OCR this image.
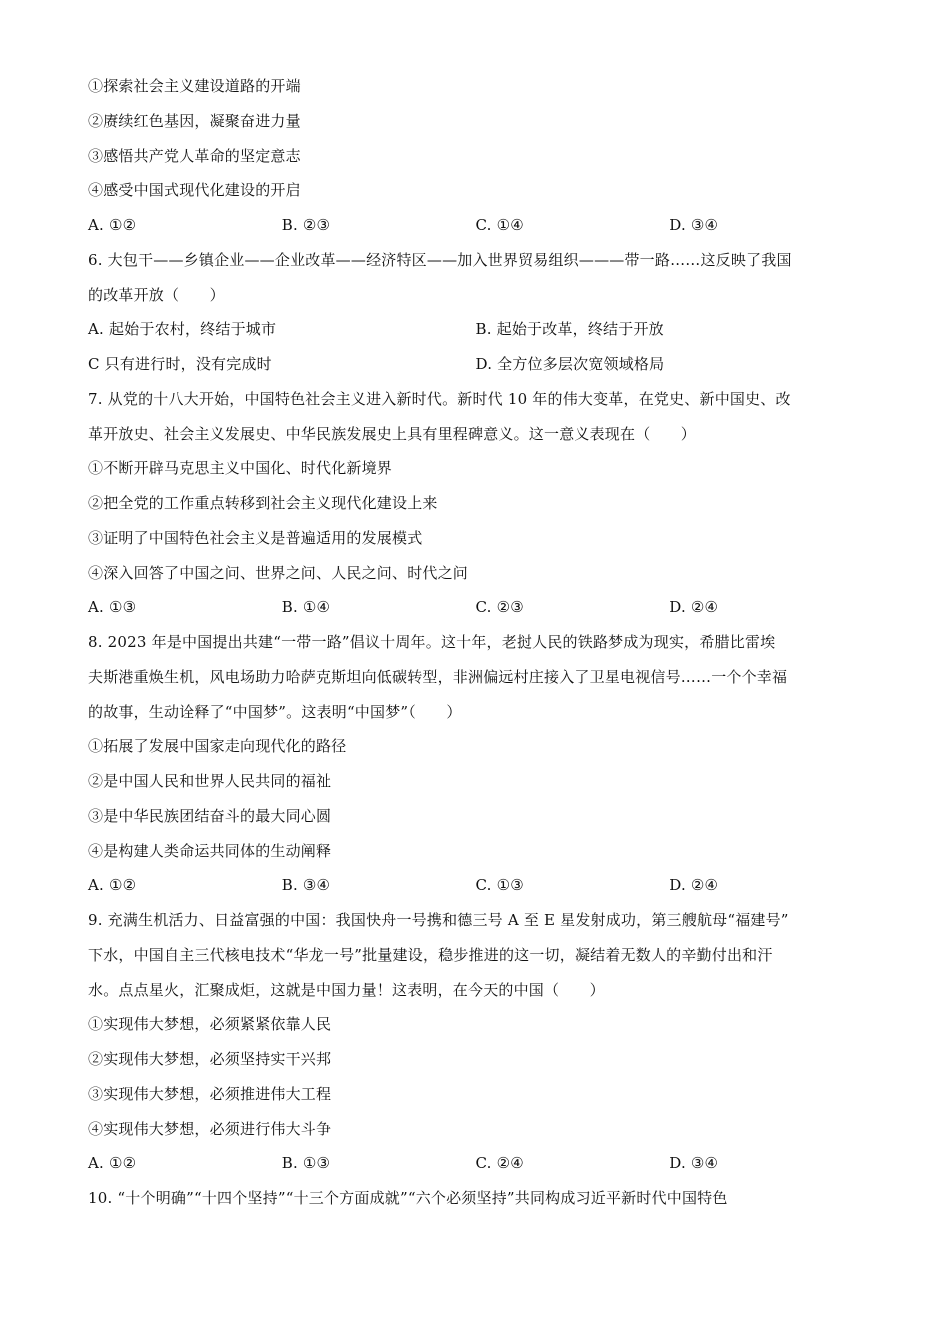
①探索社会主义建设道路的开端
②赓续红色基因，凝聚奋进力量
③感悟共产党人革命的坚定意志
④感受中国式现代化建设的开启
A. ①②	B. ②③	C. ①④	D. ③④
6. 大包干——乡镇企业——企业改革——经济特区——加入世界贸易组织———带一路……这反映了我国
的改革开放（　　）
A. 起始于农村，终结于城市	B. 起始于改革，终结于开放
C 只有进行时，没有完成时	D. 全方位多层次宽领域格局
7. 从党的十八大开始，中国特色社会主义进入新时代。新时代 10 年的伟大变革，在党史、新中国史、改
革开放史、社会主义发展史、中华民族发展史上具有里程碑意义。这一意义表现在（　　）
①不断开辟马克思主义中国化、时代化新境界
②把全党的工作重点转移到社会主义现代化建设上来
③证明了中国特色社会主义是普遍适用的发展模式
④深入回答了中国之问、世界之问、人民之问、时代之问
A. ①③	B. ①④	C. ②③	D. ②④
8. 2023 年是中国提出共建“一带一路”倡议十周年。这十年，老挝人民的铁路梦成为现实，希腊比雷埃
夫斯港重焕生机，风电场助力哈萨克斯坦向低碳转型，非洲偏远村庄接入了卫星电视信号……一个个幸福
的故事，生动诠释了“中国梦”。这表明“中国梦”（　　）
①拓展了发展中国家走向现代化的路径
②是中国人民和世界人民共同的福祉
③是中华民族团结奋斗的最大同心圆
④是构建人类命运共同体的生动阐释
A. ①②	B. ③④	C. ①③	D. ②④
9. 充满生机活力、日益富强的中国：我国快舟一号携和德三号 A 至 E 星发射成功，第三艘航母“福建号”
下水，中国自主三代核电技术“华龙一号”批量建设，稳步推进的这一切，凝结着无数人的辛勤付出和汗
水。点点星火，汇聚成炬，这就是中国力量！这表明，在今天的中国（　　）
①实现伟大梦想，必须紧紧依靠人民
②实现伟大梦想，必须坚持实干兴邦
③实现伟大梦想，必须推进伟大工程
④实现伟大梦想，必须进行伟大斗争
A. ①②	B. ①③	C. ②④	D. ③④
10. “十个明确”“十四个坚持”“十三个方面成就”“六个必须坚持”共同构成习近平新时代中国特色
